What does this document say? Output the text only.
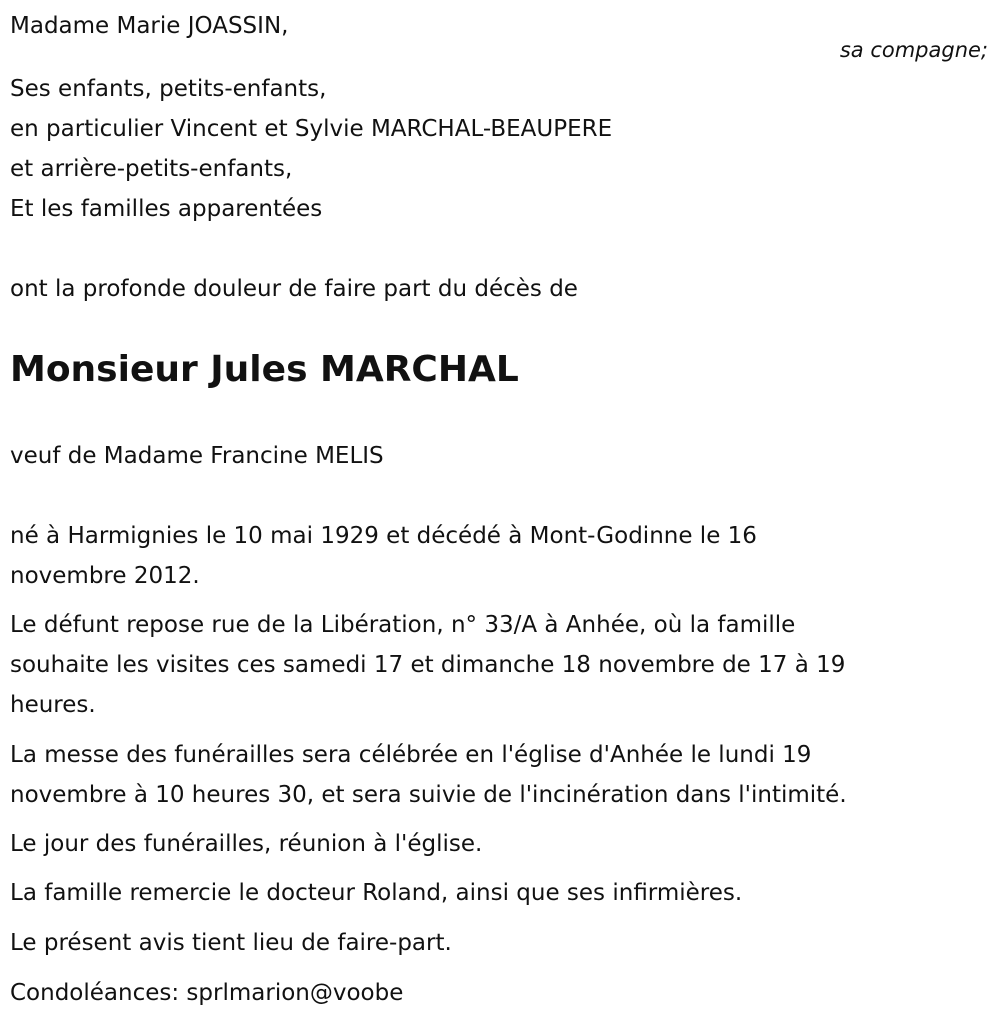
Madame Marie JOASSIN,

sa compagne;

Ses enfants, petits-enfants,

en particulier Vincent et Sylvie MARCHAL-BEAUPERE

et arrière-petits-enfants,

Et les familles apparentées

ont la profonde douleur de faire part du décès de

Monsieur Jules MARCHAL

veuf de Madame Francine MELIS

né à Harmignies le 10 mai 1929 et décédé à Mont-Godinne le 16

novembre 2012.

Le défunt repose rue de la Libération, n° 33/A à Anhée, où la famille

souhaite les visites ces samedi 17 et dimanche 18 novembre de 17 à 19

heures.

La messe des funérailles sera célébrée en l'église d'Anhée le lundi 19

novembre à 10 heures 30, et sera suivie de l'incinération dans l'intimité.

Le jour des funérailles, réunion à l'église.

La famille remercie le docteur Roland, ainsi que ses infirmières.

Le présent avis tient lieu de faire-part.

Condoléances: sprlmarion@voobe
